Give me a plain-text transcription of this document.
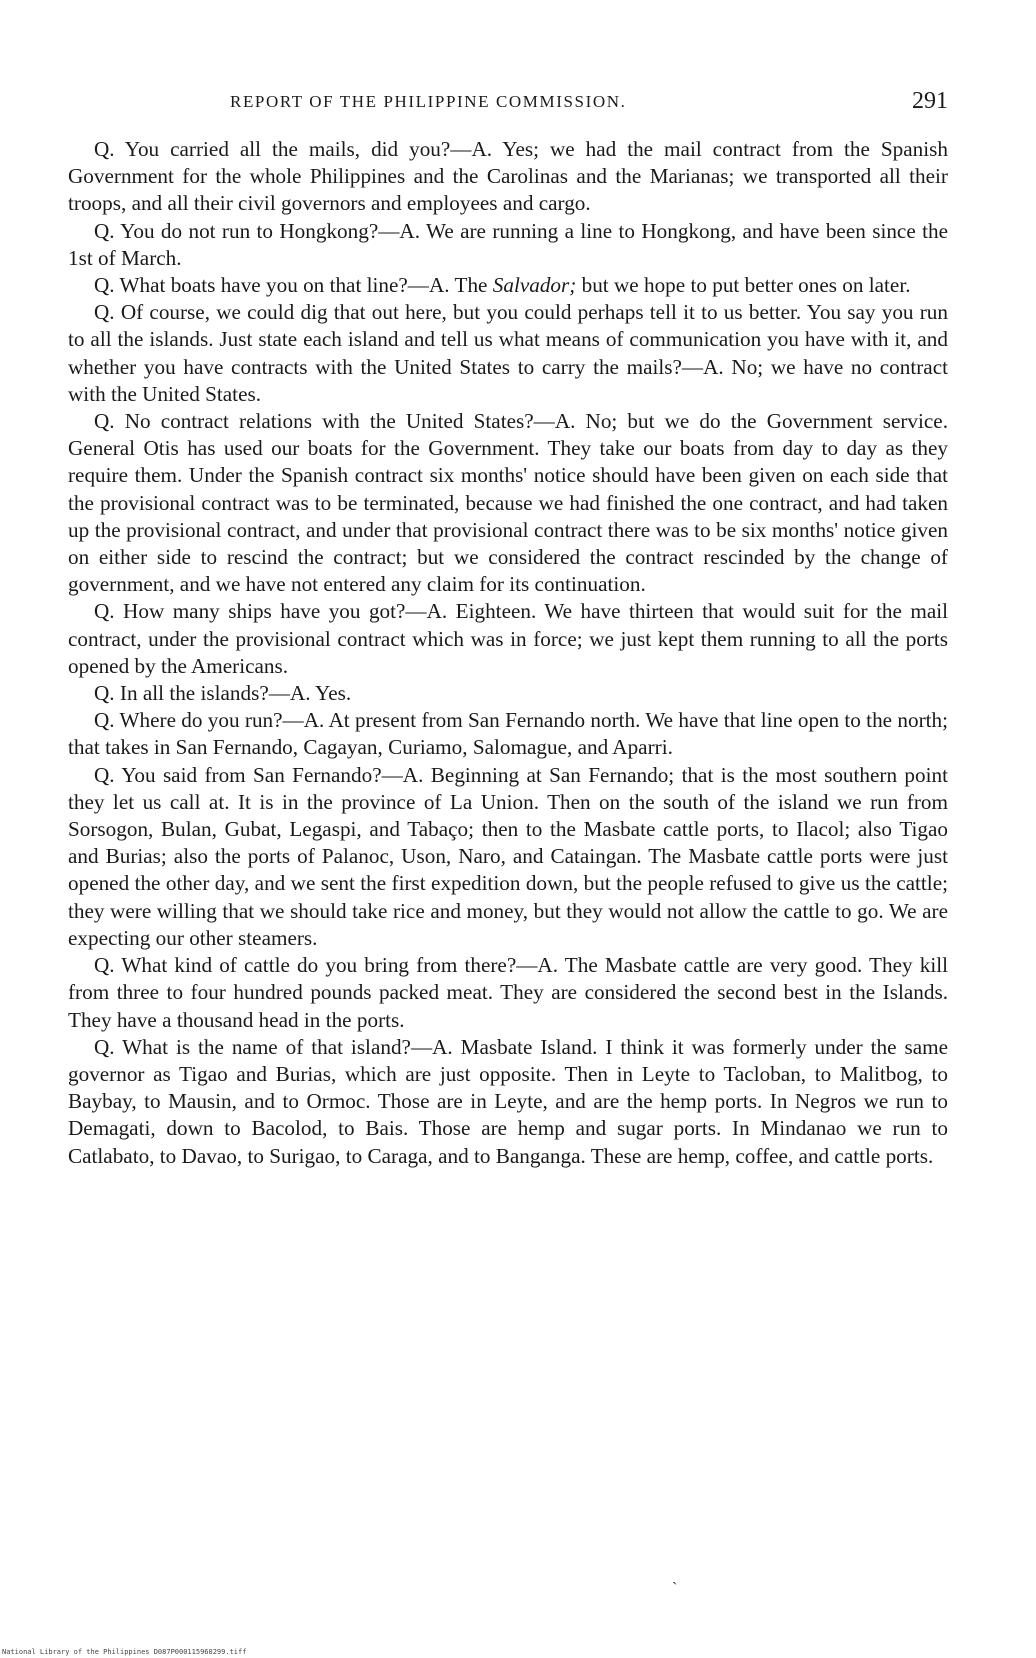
REPORT OF THE PHILIPPINE COMMISSION.	291

Q. You carried all the mails, did you?—A. Yes; we had the mail contract from the Spanish Government for the whole Philippines and the Carolinas and the Marianas; we transported all their troops, and all their civil governors and employees and cargo.

Q. You do not run to Hongkong?—A. We are running a line to Hongkong, and have been since the 1st of March.

Q. What boats have you on that line?—A. The Salvador; but we hope to put better ones on later.

Q. Of course, we could dig that out here, but you could perhaps tell it to us better. You say you run to all the islands. Just state each island and tell us what means of communication you have with it, and whether you have contracts with the United States to carry the mails?—A. No; we have no contract with the United States.

Q. No contract relations with the United States?—A. No; but we do the Government service. General Otis has used our boats for the Government. They take our boats from day to day as they require them. Under the Spanish contract six months' notice should have been given on each side that the provisional contract was to be terminated, because we had finished the one contract, and had taken up the provisional contract, and under that provisional contract there was to be six months' notice given on either side to rescind the contract; but we considered the contract rescinded by the change of government, and we have not entered any claim for its continuation.

Q. How many ships have you got?—A. Eighteen. We have thirteen that would suit for the mail contract, under the provisional contract which was in force; we just kept them running to all the ports opened by the Americans.

Q. In all the islands?—A. Yes.

Q. Where do you run?—A. At present from San Fernando north. We have that line open to the north; that takes in San Fernando, Cagayan, Curiamo, Salomague, and Aparri.

Q. You said from San Fernando?—A. Beginning at San Fernando; that is the most southern point they let us call at. It is in the province of La Union. Then on the south of the island we run from Sorsogon, Bulan, Gubat, Legaspi, and Tabaço; then to the Masbate cattle ports, to Ilacol; also Tigao and Burias; also the ports of Palanoc, Uson, Naro, and Cataingan. The Masbate cattle ports were just opened the other day, and we sent the first expedition down, but the people refused to give us the cattle; they were willing that we should take rice and money, but they would not allow the cattle to go. We are expecting our other steamers.

Q. What kind of cattle do you bring from there?—A. The Masbate cattle are very good. They kill from three to four hundred pounds packed meat. They are considered the second best in the Islands. They have a thousand head in the ports.

Q. What is the name of that island?—A. Masbate Island. I think it was formerly under the same governor as Tigao and Burias, which are just opposite. Then in Leyte to Tacloban, to Malitbog, to Baybay, to Mausin, and to Ormoc. Those are in Leyte, and are the hemp ports. In Negros we run to Demagati, down to Bacolod, to Bais. Those are hemp and sugar ports. In Mindanao we run to Catlabato, to Davao, to Surigao, to Caraga, and to Banganga. These are hemp, coffee, and cattle ports.

ˎ
National Library of the Philippines D087P000115960299.tiff
